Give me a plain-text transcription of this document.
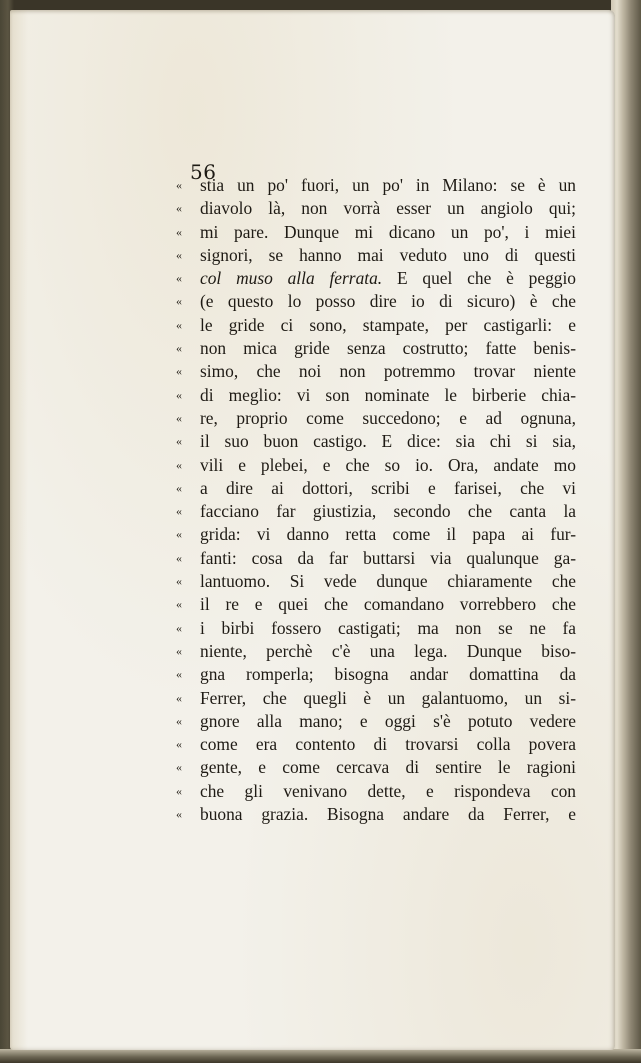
56
«	stia un po' fuori, un po' in Milano: se è un
«	diavolo là, non vorrà esser un angiolo qui;
«	mi pare. Dunque mi dicano un po', i miei
«	signori, se hanno mai veduto uno di questi
«	col muso alla ferrata. E quel che è peggio
«	(e questo lo posso dire io di sicuro) è che
«	le gride ci sono, stampate, per castigarli: e
«	non mica gride senza costrutto; fatte benis-
«	simo, che noi non potremmo trovar niente
«	di meglio: vi son nominate le birberie chia-
«	re, proprio come succedono; e ad ognuna,
«	il suo buon castigo. E dice: sia chi si sia,
«	vili e plebei, e che so io. Ora, andate mo
«	a dire ai dottori, scribi e farisei, che vi
«	facciano far giustizia, secondo che canta la
«	grida: vi danno retta come il papa ai fur-
«	fanti: cosa da far buttarsi via qualunque ga-
«	lantuomo. Si vede dunque chiaramente che
«	il re e quei che comandano vorrebbero che
«	i birbi fossero castigati; ma non se ne fa
«	niente, perchè c'è una lega. Dunque biso-
«	gna romperla; bisogna andar domattina da
«	Ferrer, che quegli è un galantuomo, un si-
«	gnore alla mano; e oggi s'è potuto vedere
«	come era contento di trovarsi colla povera
«	gente, e come cercava di sentire le ragioni
«	che gli venivano dette, e rispondeva con
«	buona grazia. Bisogna andare da Ferrer, e
